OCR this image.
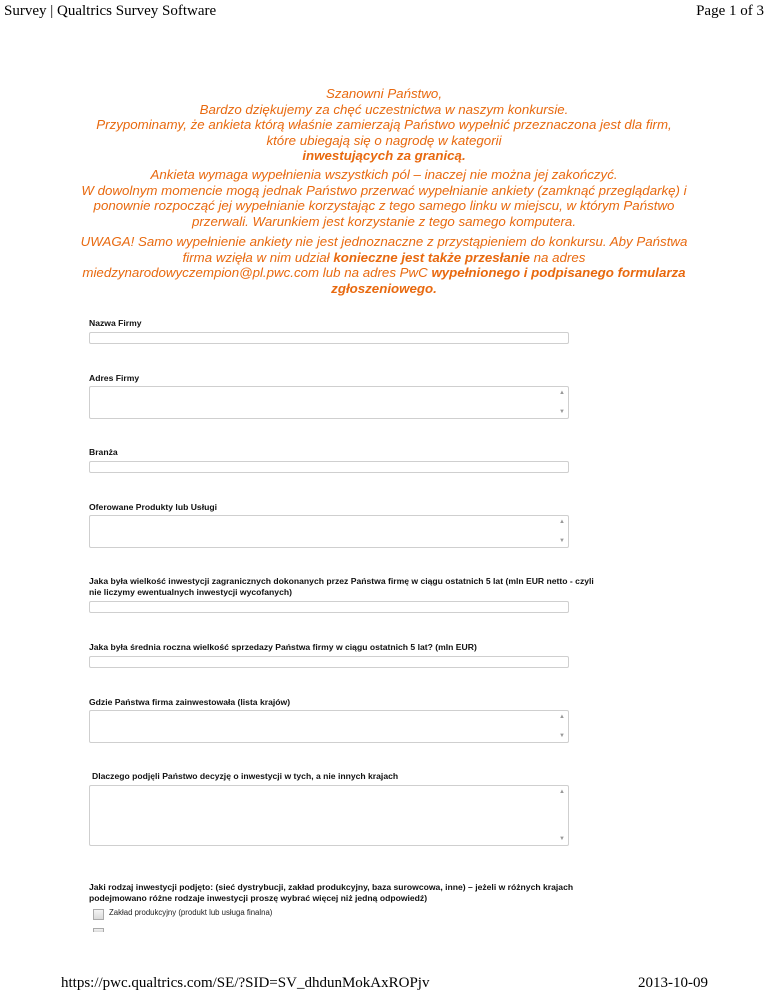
Survey | Qualtrics Survey Software	Page 1 of 3
Szanowni Państwo,
Bardzo dziękujemy za chęć uczestnictwa w naszym konkursie.
Przypominamy, że ankieta którą właśnie zamierzają Państwo wypełnić przeznaczona jest dla firm,
które ubiegają się o nagrodę w kategorii
inwestujących za granicą.
Ankieta wymaga wypełnienia wszystkich pól – inaczej nie można jej zakończyć.
W dowolnym momencie mogą jednak Państwo przerwać wypełnianie ankiety (zamknąć przeglądarkę) i
ponownie rozpocząć jej wypełnianie korzystając z tego samego linku w miejscu, w którym Państwo
przerwali. Warunkiem jest korzystanie z tego samego komputera.
UWAGA! Samo wypełnienie ankiety nie jest jednoznaczne z przystąpieniem do konkursu. Aby Państwa
firma wzięła w nim udział konieczne jest także przesłanie na adres
miedzynarodowyczempion@pl.pwc.com lub na adres PwC wypełnionego i podpisanego formularza
zgłoszeniowego.
Nazwa Firmy
Adres Firmy
▲
▼
Branża
Oferowane Produkty lub Usługi
▲
▼
Jaka była wielkość inwestycji zagranicznych dokonanych przez Państwa firmę w ciągu ostatnich 5 lat (mln EUR netto - czyli
nie liczymy ewentualnych inwestycji wycofanych)
Jaka była średnia roczna wielkość sprzedazy Państwa firmy w ciągu ostatnich 5 lat? (mln EUR)
Gdzie Państwa firma zainwestowała (lista krajów)
▲
▼
Dlaczego podjęli Państwo decyzję o inwestycji w tych, a nie innych krajach
▲
▼
Jaki rodzaj inwestycji podjęto: (sieć dystrybucji, zakład produkcyjny, baza surowcowa, inne) – jeżeli w różnych krajach
podejmowano różne rodzaje inwestycji proszę wybrać więcej niż jedną odpowiedź)
Zakład produkcyjny (produkt lub usługa finalna)
https://pwc.qualtrics.com/SE/?SID=SV_dhdunMokAxROPjv	2013-10-09
